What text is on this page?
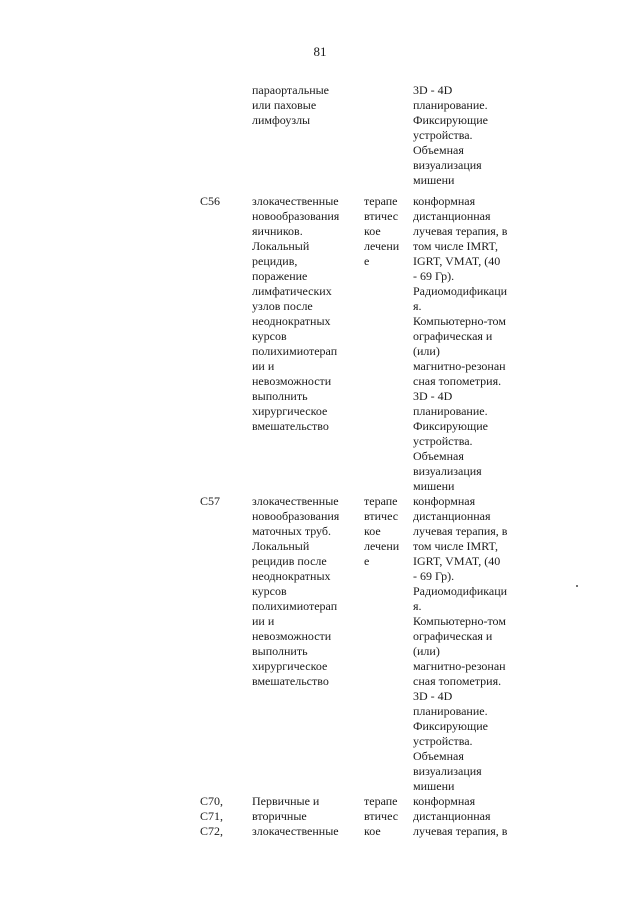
81
параортальные
или паховые
лимфоузлы
3D - 4D
планирование.
Фиксирующие
устройства.
Объемная
визуализация
мишени
C56	злокачественные
новообразования
яичников.
Локальный
рецидив,
поражение
лимфатических
узлов после
неоднократных
курсов
полихимиотерап
ии и
невозможности
выполнить
хирургическое
вмешательство
терапе
втичес
кое
лечени
е
конформная
дистанционная
лучевая терапия, в
том числе IMRT,
IGRT, VMAT, (40
- 69 Гр).
Радиомодификаци
я.
Компьютерно-том
ографическая и
(или)
магнитно-резонан
сная топометрия.
3D - 4D
планирование.
Фиксирующие
устройства.
Объемная
визуализация
мишени
C57	злокачественные
новообразования
маточных труб.
Локальный
рецидив после
неоднократных
курсов
полихимиотерап
ии и
невозможности
выполнить
хирургическое
вмешательство
терапе
втичес
кое
лечени
е
конформная
дистанционная
лучевая терапия, в
том числе IMRT,
IGRT, VMAT, (40
- 69 Гр).
Радиомодификаци
я.
Компьютерно-том
ографическая и
(или)
магнитно-резонан
сная топометрия.
3D - 4D
планирование.
Фиксирующие
устройства.
Объемная
визуализация
мишени
C70,
C71,
C72,
Первичные и
вторичные
злокачественные
терапе
втичес
кое
конформная
дистанционная
лучевая терапия, в
